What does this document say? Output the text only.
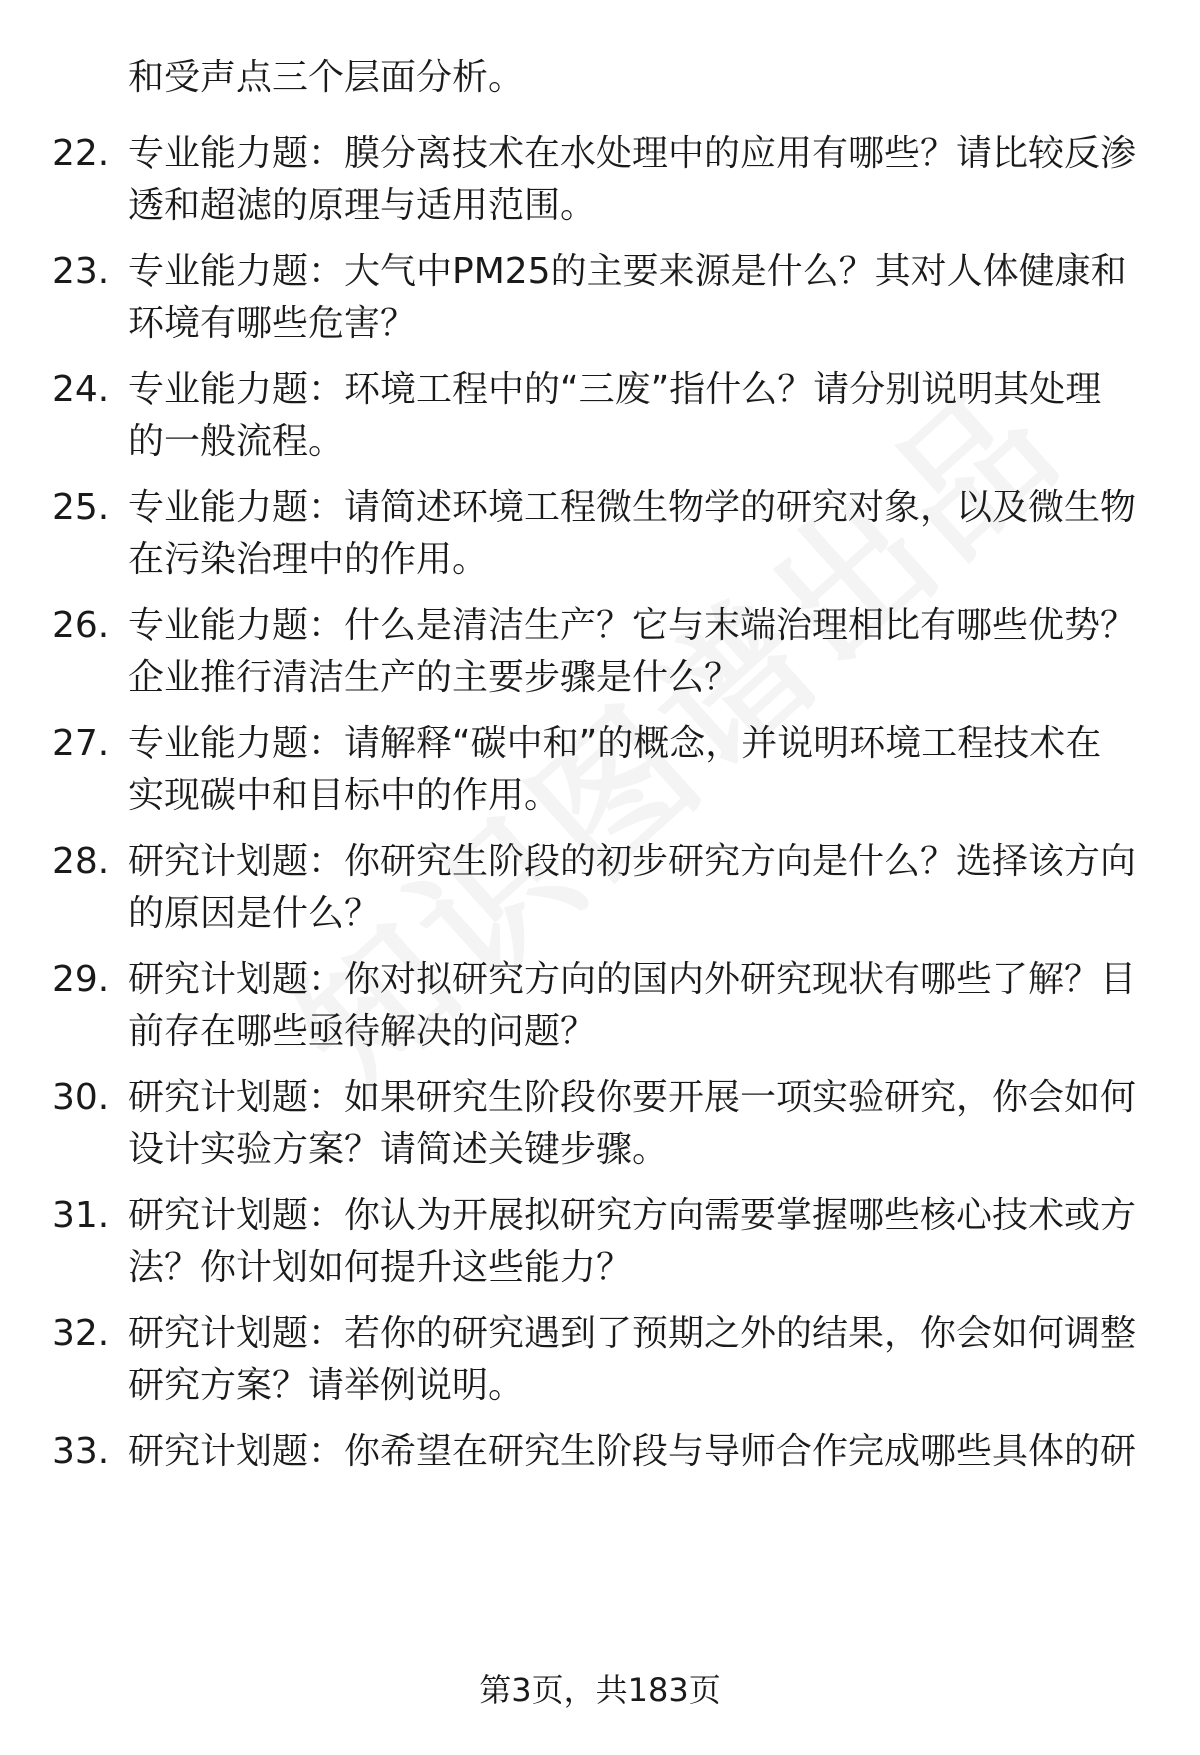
和受声点三个层面分析。
22. 专业能力题：膜分离技术在水处理中的应用有哪些？请比较反渗
透和超滤的原理与适用范围。
23. 专业能力题：大气中PM25的主要来源是什么？其对人体健康和
环境有哪些危害？
24. 专业能力题：环境工程中的“三废”指什么？请分别说明其处理
的一般流程。
25. 专业能力题：请简述环境工程微生物学的研究对象，以及微生物
在污染治理中的作用。
26. 专业能力题：什么是清洁生产？它与末端治理相比有哪些优势？
企业推行清洁生产的主要步骤是什么？
27. 专业能力题：请解释“碳中和”的概念，并说明环境工程技术在
实现碳中和目标中的作用。
28. 研究计划题：你研究生阶段的初步研究方向是什么？选择该方向
的原因是什么？
29. 研究计划题：你对拟研究方向的国内外研究现状有哪些了解？目
前存在哪些亟待解决的问题？
30. 研究计划题：如果研究生阶段你要开展一项实验研究，你会如何
设计实验方案？请简述关键步骤。
31. 研究计划题：你认为开展拟研究方向需要掌握哪些核心技术或方
法？你计划如何提升这些能力？
32. 研究计划题：若你的研究遇到了预期之外的结果，你会如何调整
研究方案？请举例说明。
33. 研究计划题：你希望在研究生阶段与导师合作完成哪些具体的研
第3页，共183页
